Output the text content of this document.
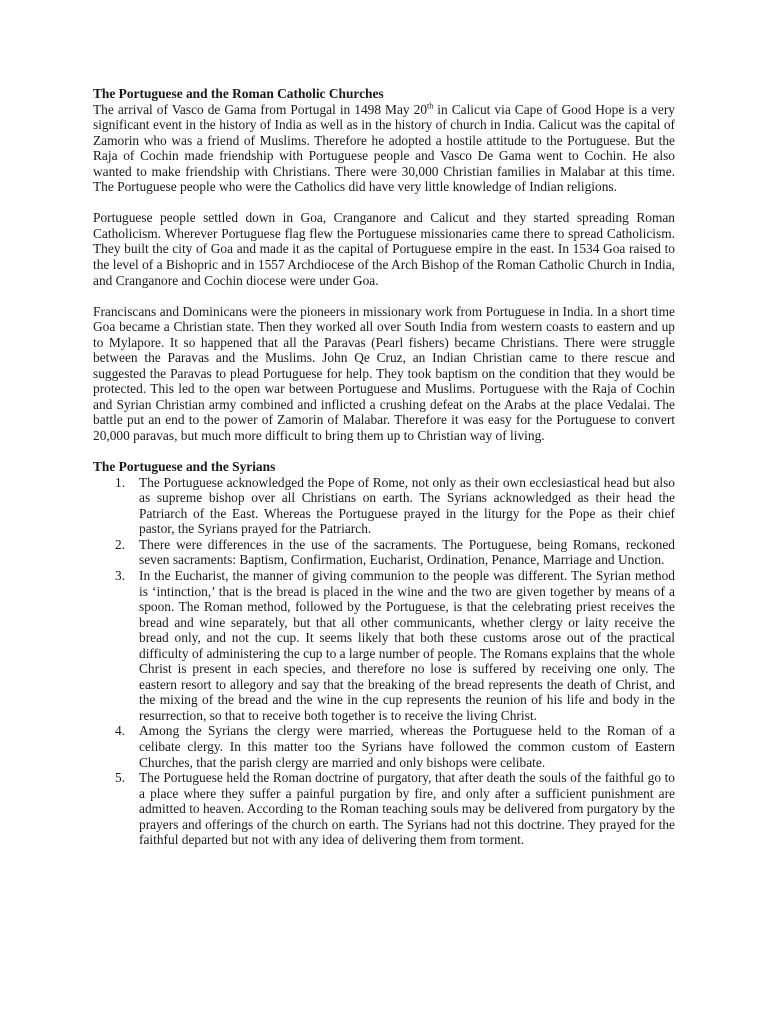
The Portuguese and the Roman Catholic Churches

The arrival of Vasco de Gama from Portugal in 1498 May 20th in Calicut via Cape of Good Hope is a very significant event in the history of India as well as in the history of church in India. Calicut was the capital of Zamorin who was a friend of Muslims. Therefore he adopted a hostile attitude to the Portuguese. But the Raja of Cochin made friendship with Portuguese people and Vasco De Gama went to Cochin. He also wanted to make friendship with Christians. There were 30,000 Christian families in Malabar at this time. The Portuguese people who were the Catholics did have very little knowledge of Indian religions.

Portuguese people settled down in Goa, Cranganore and Calicut and they started spreading Roman Catholicism. Wherever Portuguese flag flew the Portuguese missionaries came there to spread Catholicism. They built the city of Goa and made it as the capital of Portuguese empire in the east. In 1534 Goa raised to the level of a Bishopric and in 1557 Archdiocese of the Arch Bishop of the Roman Catholic Church in India, and Cranganore and Cochin diocese were under Goa.

Franciscans and Dominicans were the pioneers in missionary work from Portuguese in India. In a short time Goa became a Christian state. Then they worked all over South India from western coasts to eastern and up to Mylapore. It so happened that all the Paravas (Pearl fishers) became Christians. There were struggle between the Paravas and the Muslims. John Qe Cruz, an Indian Christian came to there rescue and suggested the Paravas to plead Portuguese for help. They took baptism on the condition that they would be protected. This led to the open war between Portuguese and Muslims. Portuguese with the Raja of Cochin and Syrian Christian army combined and inflicted a crushing defeat on the Arabs at the place Vedalai. The battle put an end to the power of Zamorin of Malabar. Therefore it was easy for the Portuguese to convert 20,000 paravas, but much more difficult to bring them up to Christian way of living.

The Portuguese and the Syrians

1. The Portuguese acknowledged the Pope of Rome, not only as their own ecclesiastical head but also as supreme bishop over all Christians on earth. The Syrians acknowledged as their head the Patriarch of the East. Whereas the Portuguese prayed in the liturgy for the Pope as their chief pastor, the Syrians prayed for the Patriarch.
2. There were differences in the use of the sacraments. The Portuguese, being Romans, reckoned seven sacraments: Baptism, Confirmation, Eucharist, Ordination, Penance, Marriage and Unction.
3. In the Eucharist, the manner of giving communion to the people was different. The Syrian method is ‘intinction,’ that is the bread is placed in the wine and the two are given together by means of a spoon. The Roman method, followed by the Portuguese, is that the celebrating priest receives the bread and wine separately, but that all other communicants, whether clergy or laity receive the bread only, and not the cup. It seems likely that both these customs arose out of the practical difficulty of administering the cup to a large number of people. The Romans explains that the whole Christ is present in each species, and therefore no lose is suffered by receiving one only. The eastern resort to allegory and say that the breaking of the bread represents the death of Christ, and the mixing of the bread and the wine in the cup represents the reunion of his life and body in the resurrection, so that to receive both together is to receive the living Christ.
4. Among the Syrians the clergy were married, whereas the Portuguese held to the Roman of a celibate clergy. In this matter too the Syrians have followed the common custom of Eastern Churches, that the parish clergy are married and only bishops were celibate.
5. The Portuguese held the Roman doctrine of purgatory, that after death the souls of the faithful go to a place where they suffer a painful purgation by fire, and only after a sufficient punishment are admitted to heaven. According to the Roman teaching souls may be delivered from purgatory by the prayers and offerings of the church on earth. The Syrians had not this doctrine. They prayed for the faithful departed but not with any idea of delivering them from torment.
